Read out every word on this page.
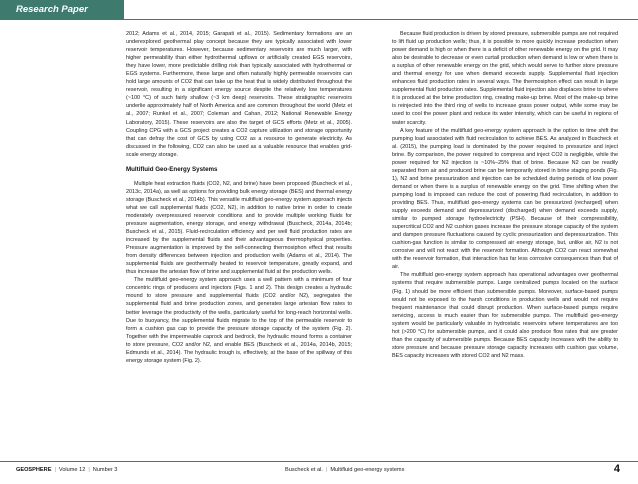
Research Paper

2012; Adams et al., 2014, 2015; Garapati et al., 2015). Sedimentary formations are an underexplored geothermal play concept because they are typically associated with lower reservoir temperatures. However, because sedimentary reservoirs are much larger, with higher permeability than either hydrothermal upflows or artificially created EGS reservoirs, they have lower, more predictable drilling risk than typically associated with hydrothermal or EGS systems. Furthermore, these large and often naturally highly permeable reservoirs can hold large amounts of CO2 that can take up the heat that is widely distributed throughout the reservoir, resulting in a significant energy source despite the relatively low temperatures (~100 °C) of such fairly shallow (~3 km deep) reservoirs. These stratigraphic reservoirs underlie approximately half of North America and are common throughout the world (Metz et al., 2007; Runkel et al., 2007; Coleman and Cahan, 2012; National Renewable Energy Laboratory, 2015). These reservoirs are also the target of GCS efforts (Metz et al., 2005). Coupling CPG with a GCS project creates a CO2 capture utilization and storage opportunity that can defray the cost of GCS by using CO2 as a resource to generate electricity. As discussed in the following, CO2 can also be used as a valuable resource that enables grid-scale energy storage.

Multifluid Geo-Energy Systems

Multiple heat extraction fluids (CO2, N2, and brine) have been proposed (Buscheck et al., 2013c, 2014a), as well as options for providing bulk energy storage (BES) and thermal energy storage (Buscheck et al., 2014b). This versatile multifluid geo-energy system approach injects what we call supplemental fluids (CO2, N2), in addition to native brine in order to create moderately overpressured reservoir conditions and to provide multiple working fluids for pressure augmentation, energy storage, and energy withdrawal (Buscheck, 2014a, 2014b; Buscheck et al., 2015). Fluid-recirculation efficiency and per well fluid production rates are increased by the supplemental fluids and their advantageous thermophysical properties. Pressure augmentation is improved by the self-connecting thermosiphon effect that results from density differences between injection and production wells (Adams et al., 2014). The supplemental fluids are geothermally heated to reservoir temperature, greatly expand, and thus increase the artesian flow of brine and supplemental fluid at the production wells.

The multifluid geo-energy system approach uses a well pattern with a minimum of four concentric rings of producers and injectors (Figs. 1 and 2). This design creates a hydraulic mound to store pressure and supplemental fluids (CO2 and/or N2), segregates the supplemental fluid and brine production zones, and generates large artesian flow rates to better leverage the productivity of the wells, particularly useful for long-reach horizontal wells. Due to buoyancy, the supplemental fluids migrate to the top of the permeable reservoir to form a cushion gas cap to provide the pressure storage capacity of the system (Fig. 2). Together with the impermeable caprock and bedrock, the hydraulic mound forms a container to store pressure, CO2 and/or N2, and enable BES (Buscheck et al., 2014a, 2014b, 2015; Edmunds et al., 2014). The hydraulic trough is, effectively, at the base of the spillway of this energy storage system (Fig. 2).

Because fluid production is driven by stored pressure, submersible pumps are not required to lift fluid up production wells; thus, it is possible to more quickly increase production when power demand is high or when there is a deficit of other renewable energy on the grid. It may also be desirable to decrease or even curtail production when demand is low or when there is a surplus of other renewable energy on the grid, which would serve to further store pressure and thermal energy for use when demand exceeds supply. Supplemental fluid injection enhances fluid production rates in several ways. The thermosiphon effect can result in large supplemental fluid production rates. Supplemental fluid injection also displaces brine to where it is produced at the brine production ring, creating make-up brine. Most of the make-up brine is reinjected into the third ring of wells to increase grass power output, while some may be used to cool the power plant and reduce its water intensity, which can be useful in regions of water scarcity.

A key feature of the multifluid geo-energy system approach is the option to time shift the pumping load associated with fluid recirculation to achieve BES. As analyzed in Buscheck et al. (2015), the pumping load is dominated by the power required to pressurize and inject brine. By comparison, the power required to compress and inject CO2 is negligible, while the power required for N2 injection is ~10%–25% that of brine. Because N2 can be readily separated from air and produced brine can be temporarily stored in brine staging ponds (Fig. 1), N2 and brine pressurization and injection can be scheduled during periods of low power demand or when there is a surplus of renewable energy on the grid. Time shifting when the pumping load is imposed can reduce the cost of powering fluid recirculation, in addition to providing BES. Thus, multifluid geo-energy systems can be pressurized (recharged) when supply exceeds demand and depressurized (discharged) when demand exceeds supply, similar to pumped storage hydroelectricity (PSH). Because of their compressibility, supercritical CO2 and N2 cushion gases increase the pressure storage capacity of the system and dampen pressure fluctuations caused by cyclic pressurization and depressurization. This cushion-gas function is similar to compressed air energy storage, but, unlike air, N2 is not corrosive and will not react with the reservoir formation. Although CO2 can react somewhat with the reservoir formation, that interaction has far less corrosive consequences than that of air.

The multifluid geo-energy system approach has operational advantages over geothermal systems that require submersible pumps. Large centralized pumps located on the surface (Fig. 1) should be more efficient than submersible pumps. Moreover, surface-based pumps would not be exposed to the harsh conditions in production wells and would not require frequent maintenance that could disrupt production. When surface-based pumps require servicing, access is much easier than for submersible pumps. The multifluid geo-energy system would be particularly valuable in hydrostatic reservoirs where temperatures are too hot (>200 °C) for submersible pumps, and it could also produce flow rates that are greater than the capacity of submersible pumps. Because BES capacity increases with the ability to store pressure and because pressure storage capacity increases with cushion gas volume, BES capacity increases with stored CO2 and N2 mass.

GEOSPHERE | Volume 12 | Number 3	Buscheck et al. | Multifluid geo-energy systems	4
